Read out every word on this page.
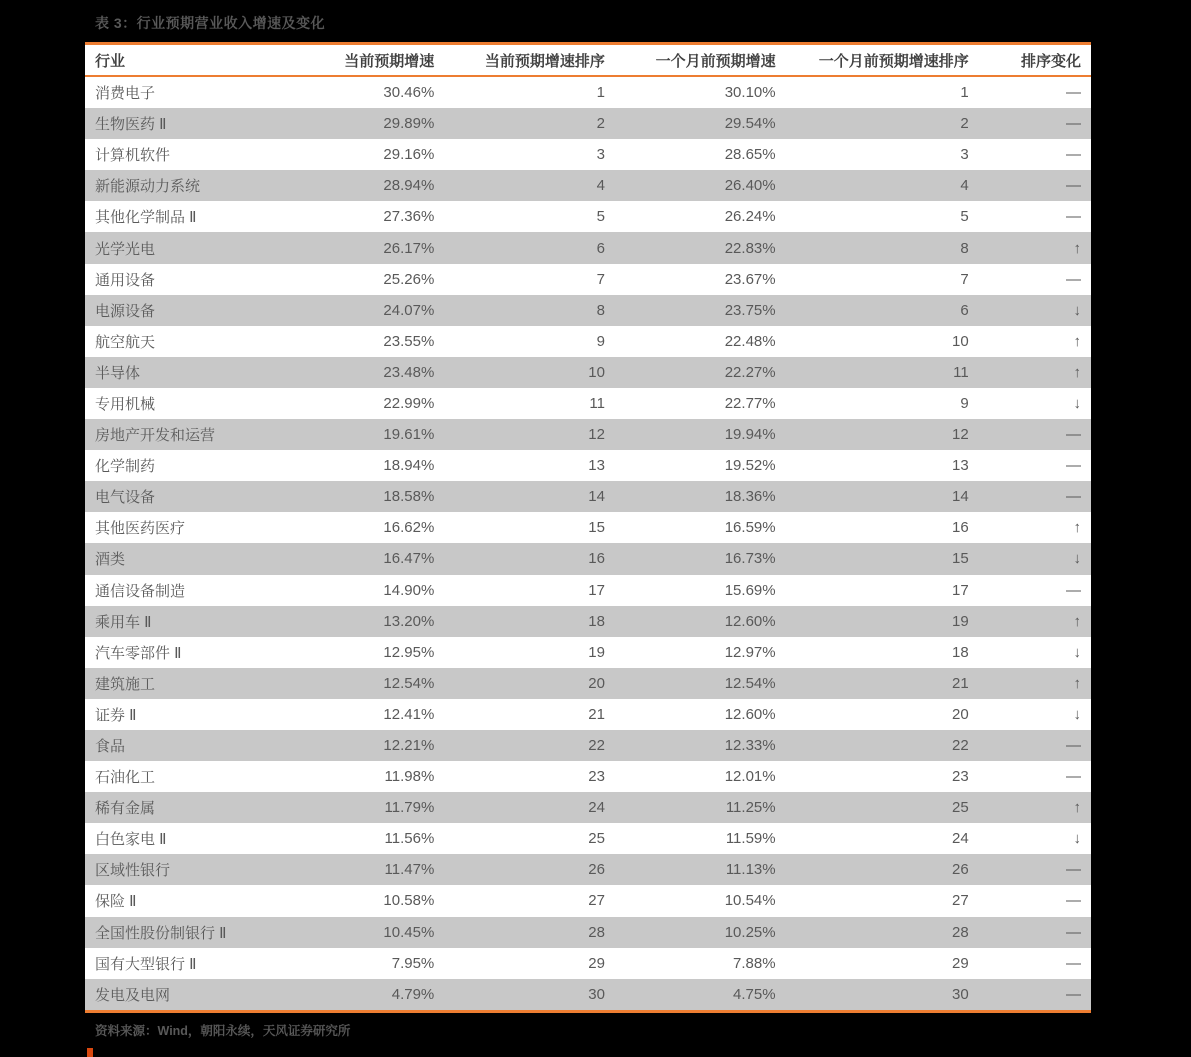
表 3：行业预期营业收入增速及变化
行业	当前预期增速	当前预期增速排序	一个月前预期增速	一个月前预期增速排序	排序变化
消费电子	30.46%	1	30.10%	1	—
生物医药 Ⅱ	29.89%	2	29.54%	2	—
计算机软件	29.16%	3	28.65%	3	—
新能源动力系统	28.94%	4	26.40%	4	—
其他化学制品 Ⅱ	27.36%	5	26.24%	5	—
光学光电	26.17%	6	22.83%	8	↑
通用设备	25.26%	7	23.67%	7	—
电源设备	24.07%	8	23.75%	6	↓
航空航天	23.55%	9	22.48%	10	↑
半导体	23.48%	10	22.27%	11	↑
专用机械	22.99%	11	22.77%	9	↓
房地产开发和运营	19.61%	12	19.94%	12	—
化学制药	18.94%	13	19.52%	13	—
电气设备	18.58%	14	18.36%	14	—
其他医药医疗	16.62%	15	16.59%	16	↑
酒类	16.47%	16	16.73%	15	↓
通信设备制造	14.90%	17	15.69%	17	—
乘用车 Ⅱ	13.20%	18	12.60%	19	↑
汽车零部件 Ⅱ	12.95%	19	12.97%	18	↓
建筑施工	12.54%	20	12.54%	21	↑
证券 Ⅱ	12.41%	21	12.60%	20	↓
食品	12.21%	22	12.33%	22	—
石油化工	11.98%	23	12.01%	23	—
稀有金属	11.79%	24	11.25%	25	↑
白色家电 Ⅱ	11.56%	25	11.59%	24	↓
区域性银行	11.47%	26	11.13%	26	—
保险 Ⅱ	10.58%	27	10.54%	27	—
全国性股份制银行 Ⅱ	10.45%	28	10.25%	28	—
国有大型银行 Ⅱ	7.95%	29	7.88%	29	—
发电及电网	4.79%	30	4.75%	30	—
资料来源：Wind，朝阳永续，天风证券研究所
